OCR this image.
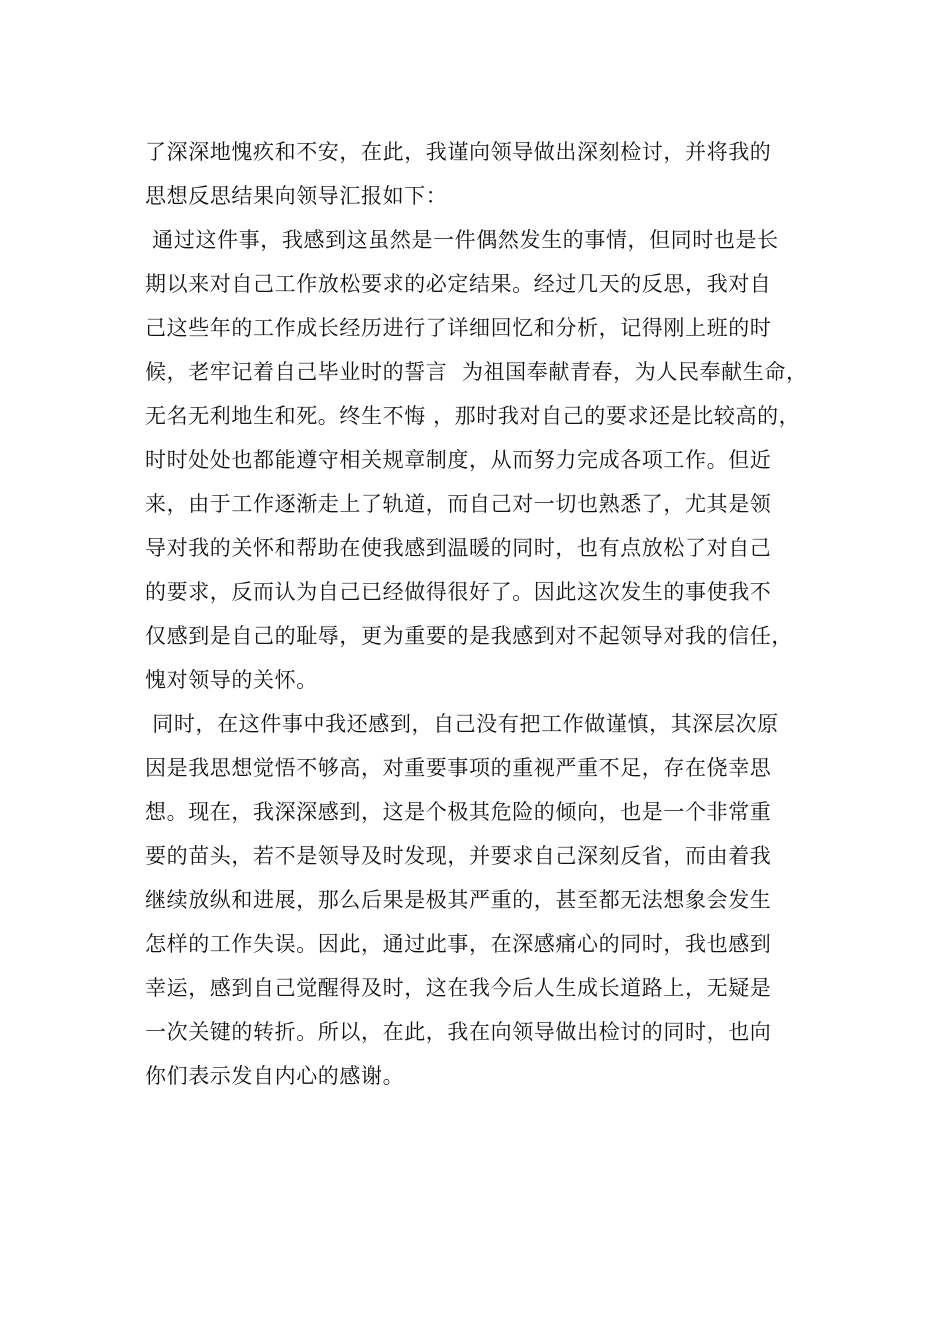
了深深地愧疚和不安，在此，我谨向领导做出深刻检讨，并将我的
思想反思结果向领导汇报如下：
通过这件事，我感到这虽然是一件偶然发生的事情，但同时也是长
期以来对自己工作放松要求的必定结果。经过几天的反思，我对自
己这些年的工作成长经历进行了详细回忆和分析，记得刚上班的时
候，老牢记着自己毕业时的誓言  为祖国奉献青春，为人民奉献生命，
无名无利地生和死。终生不悔 ，那时我对自己的要求还是比较高的，
时时处处也都能遵守相关规章制度，从而努力完成各项工作。但近
来，由于工作逐渐走上了轨道，而自己对一切也熟悉了，尤其是领
导对我的关怀和帮助在使我感到温暖的同时，也有点放松了对自己
的要求，反而认为自己已经做得很好了。因此这次发生的事使我不
仅感到是自己的耻辱，更为重要的是我感到对不起领导对我的信任，
愧对领导的关怀。
同时，在这件事中我还感到，自己没有把工作做谨慎，其深层次原
因是我思想觉悟不够高，对重要事项的重视严重不足，存在侥幸思
想。现在，我深深感到，这是个极其危险的倾向，也是一个非常重
要的苗头，若不是领导及时发现，并要求自己深刻反省，而由着我
继续放纵和进展，那么后果是极其严重的，甚至都无法想象会发生
怎样的工作失误。因此，通过此事，在深感痛心的同时，我也感到
幸运，感到自己觉醒得及时，这在我今后人生成长道路上，无疑是
一次关键的转折。所以，在此，我在向领导做出检讨的同时，也向
你们表示发自内心的感谢。
